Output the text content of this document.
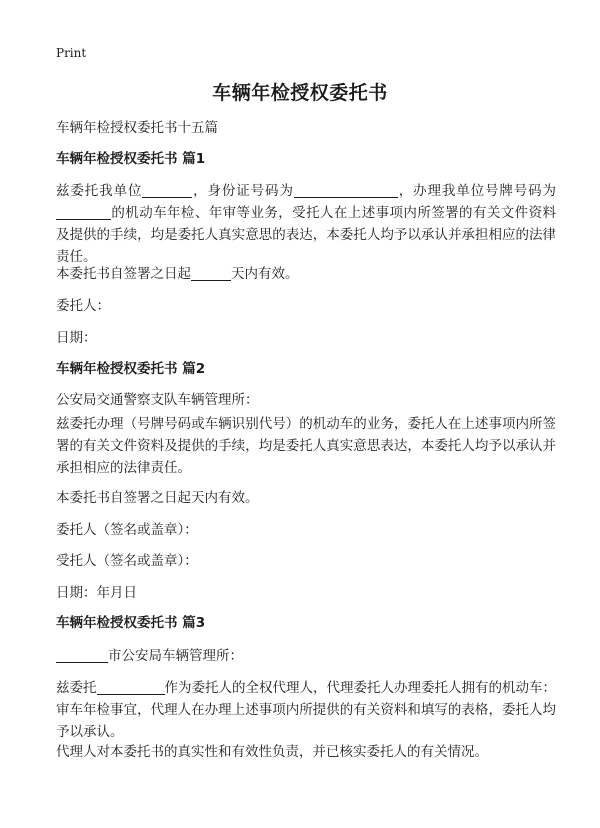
Print
车辆年检授权委托书
车辆年检授权委托书十五篇
车辆年检授权委托书 篇1
兹委托我单位	，身份证号码为	，办理我单位号牌号码为的机动车年检、年审等业务，受托人在上述事项内所签署的有关文件资料及提供的手续，均是委托人真实意思的表达，本委托人均予以承认并承担相应的法律责任。
本委托书自签署之日起	天内有效。
委托人：
日期：
车辆年检授权委托书 篇2
公安局交通警察支队车辆管理所：
兹委托办理（号牌号码或车辆识别代号）的机动车的业务，委托人在上述事项内所签署的有关文件资料及提供的手续，均是委托人真实意思表达，本委托人均予以承认并承担相应的法律责任。
本委托书自签署之日起天内有效。
委托人（签名或盖章）：
受托人（签名或盖章）：
日期：年月日
车辆年检授权委托书 篇3
市公安局车辆管理所：
兹委托	作为委托人的全权代理人，代理委托人办理委托人拥有的机动车：审车年检事宜，代理人在办理上述事项内所提供的有关资料和填写的表格，委托人均予以承认。
代理人对本委托书的真实性和有效性负责，并已核实委托人的有关情况。
